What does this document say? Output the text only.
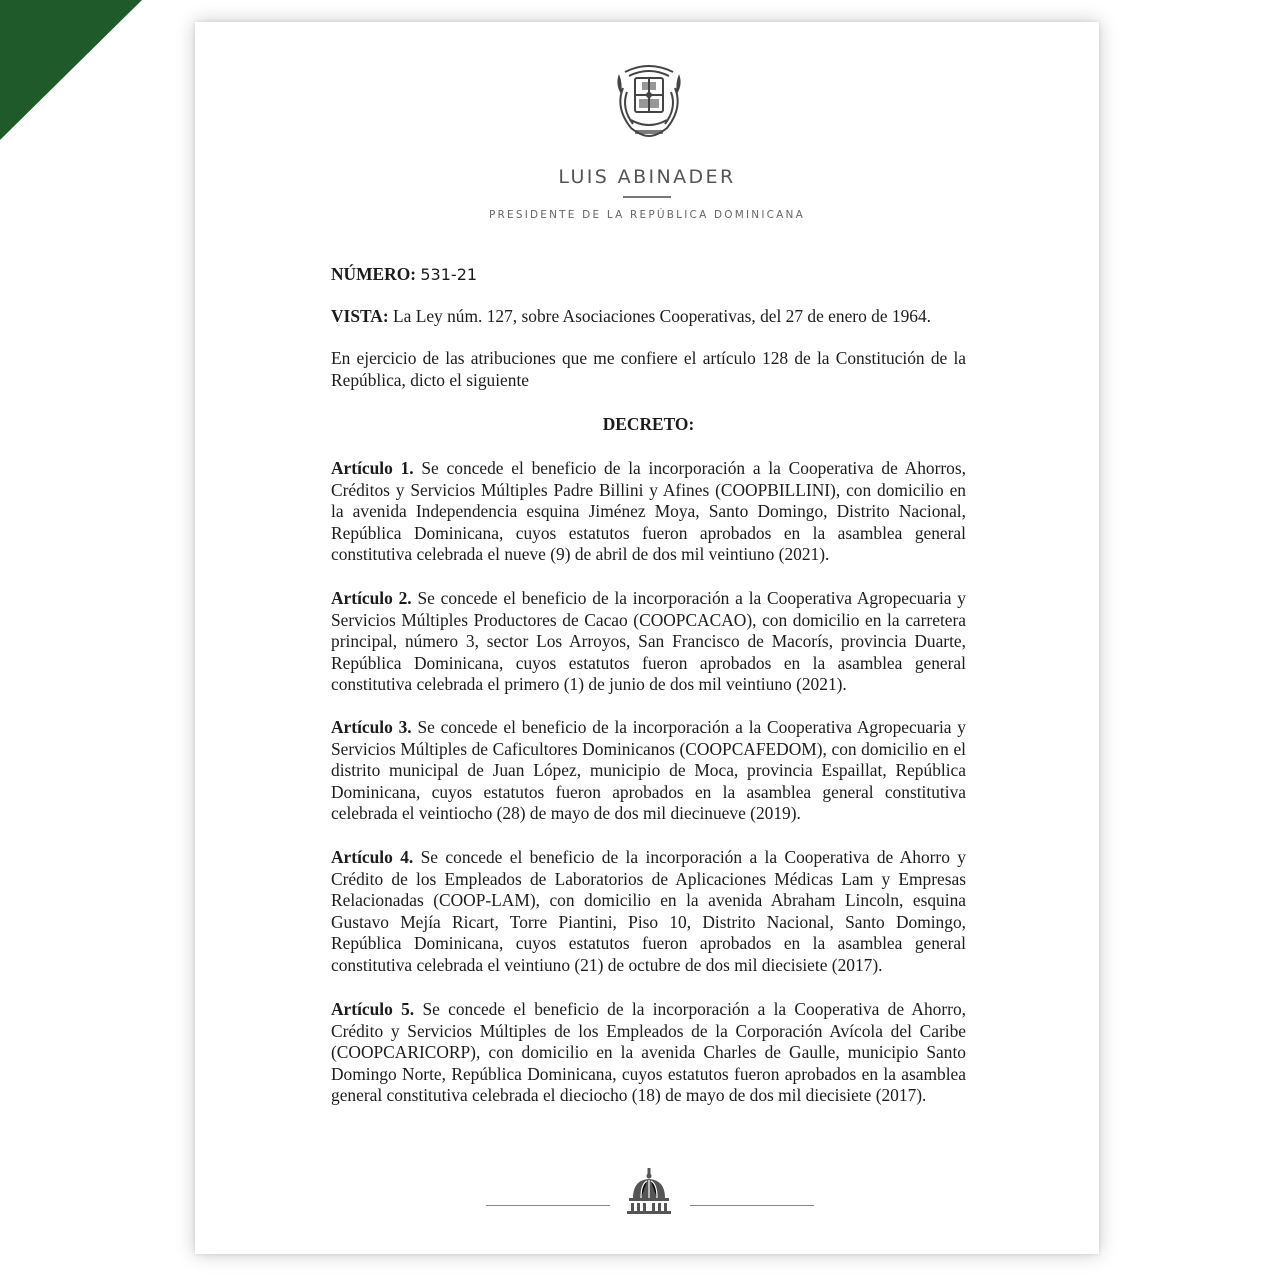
LUIS ABINADER
PRESIDENTE DE LA REPÚBLICA DOMINICANA
NÚMERO: 531-21
VISTA: La Ley núm. 127, sobre Asociaciones Cooperativas, del 27 de enero de 1964.
En ejercicio de las atribuciones que me confiere el artículo 128 de la Constitución de la República, dicto el siguiente
DECRETO:
Artículo 1. Se concede el beneficio de la incorporación a la Cooperativa de Ahorros, Créditos y Servicios Múltiples Padre Billini y Afines (COOPBILLINI), con domicilio en la avenida Independencia esquina Jiménez Moya, Santo Domingo, Distrito Nacional, República Dominicana, cuyos estatutos fueron aprobados en la asamblea general constitutiva celebrada el nueve (9) de abril de dos mil veintiuno (2021).
Artículo 2. Se concede el beneficio de la incorporación a la Cooperativa Agropecuaria y Servicios Múltiples Productores de Cacao (COOPCACAO), con domicilio en la carretera principal, número 3, sector Los Arroyos, San Francisco de Macorís, provincia Duarte, República Dominicana, cuyos estatutos fueron aprobados en la asamblea general constitutiva celebrada el primero (1) de junio de dos mil veintiuno (2021).
Artículo 3. Se concede el beneficio de la incorporación a la Cooperativa Agropecuaria y Servicios Múltiples de Caficultores Dominicanos (COOPCAFEDOM), con domicilio en el distrito municipal de Juan López, municipio de Moca, provincia Espaillat, República Dominicana, cuyos estatutos fueron aprobados en la asamblea general constitutiva celebrada el veintiocho (28) de mayo de dos mil diecinueve (2019).
Artículo 4. Se concede el beneficio de la incorporación a la Cooperativa de Ahorro y Crédito de los Empleados de Laboratorios de Aplicaciones Médicas Lam y Empresas Relacionadas (COOP-LAM), con domicilio en la avenida Abraham Lincoln, esquina Gustavo Mejía Ricart, Torre Piantini, Piso 10, Distrito Nacional, Santo Domingo, República Dominicana, cuyos estatutos fueron aprobados en la asamblea general constitutiva celebrada el veintiuno (21) de octubre de dos mil diecisiete (2017).
Artículo 5. Se concede el beneficio de la incorporación a la Cooperativa de Ahorro, Crédito y Servicios Múltiples de los Empleados de la Corporación Avícola del Caribe (COOPCARICORP), con domicilio en la avenida Charles de Gaulle, municipio Santo Domingo Norte, República Dominicana, cuyos estatutos fueron aprobados en la asamblea general constitutiva celebrada el dieciocho (18) de mayo de dos mil diecisiete (2017).
